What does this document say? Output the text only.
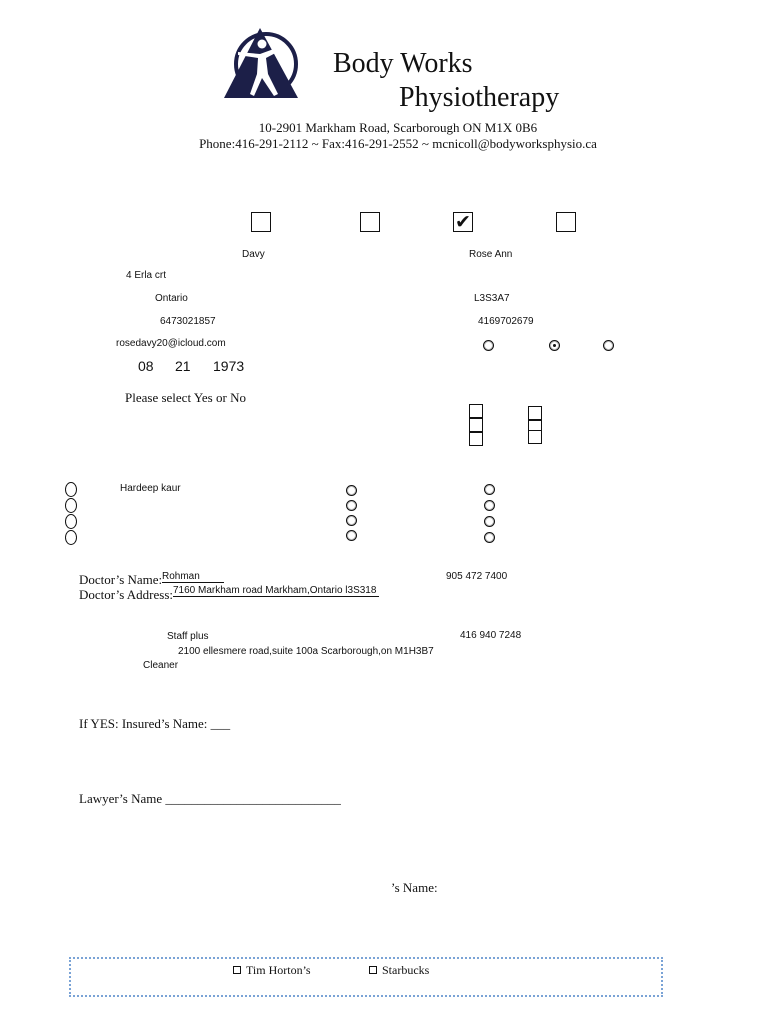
Body Works
Physiotherapy
10-2901 Markham Road, Scarborough ON M1X 0B6
Phone:416-291-2112 ~ Fax:416-291-2552 ~ mcnicoll@bodyworksphysio.ca
✔
Davy	Rose Ann
4 Erla crt
Ontario	L3S3A7
6473021857	4169702679
rosedavy20@icloud.com
08 21 1973
Please select Yes or No
Hardeep kaur
Doctor’s Name: Rohman	905 472 7400
Doctor’s Address: 7160 Markham road Markham,Ontario l3S318
Staff plus	416 940 7248
2100 ellesmere road,suite 100a Scarborough,on M1H3B7
Cleaner
If YES: Insured’s Name: ___
Lawyer’s Name ___________________________
’s Name:
Tim Horton’s	Starbucks
